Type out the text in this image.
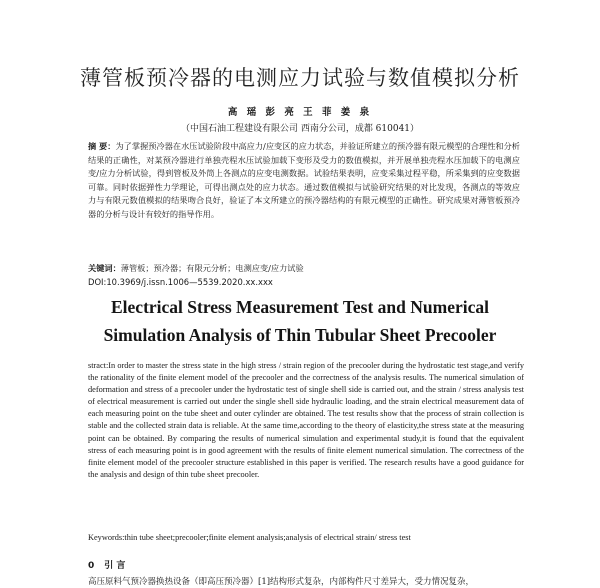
薄管板预冷器的电测应力试验与数值模拟分析
高 瑶 彭 亮 王 菲 姜 泉
（中国石油工程建设有限公司 西南分公司，成都 610041）
摘 要：为了掌握预冷器在水压试验阶段中高应力/应变区的应力状态，并验证所建立的预冷器有限元模型的合理性和分析结果的正确性，对某预冷器进行单独壳程水压试验加载下变形及受力的数值模拟，并开展单独壳程水压加载下的电测应变/应力分析试验，得到管板及外筒上各测点的应变电测数据。试验结果表明，应变采集过程平稳，所采集到的应变数据可靠。同时依据弹性力学理论，可得出测点处的应力状态。通过数值模拟与试验研究结果的对比发现，各测点的等效应力与有限元数值模拟的结果吻合良好，验证了本文所建立的预冷器结构的有限元模型的正确性。研究成果对薄管板预冷器的分析与设计有较好的指导作用。
关键词：薄管板；预冷器；有限元分析；电测应变/应力试验
DOI:10.3969/j.issn.1006—5539.2020.xx.xxx
Electrical Stress Measurement Test and Numerical
Simulation Analysis of Thin Tubular Sheet Precooler
stract:In order to master the stress state in the high stress / strain region of the precooler during the hydrostatic test stage,and verify the rationality of the finite element model of the precooler and the correctness of the analysis results. The numerical simulation of deformation and stress of a precooler under the hydrostatic test of single shell side is carried out, and the strain / stress analysis test of electrical measurement is carried out under the single shell side hydraulic loading, and the strain electrical measurement data of each measuring point on the tube sheet and outer cylinder are obtained. The test results show that the process of strain collection is stable and the collected strain data is reliable. At the same time,according to the theory of elasticity,the stress state at the measuring point can be obtained. By comparing the results of numerical simulation and experimental study,it is found that the equivalent stress of each measuring point is in good agreement with the results of finite element numerical simulation. The correctness of the finite element model of the precooler structure established in this paper is verified. The research results have a good guidance for the analysis and design of thin tube sheet precooler.
Keywords:thin tube sheet;precooler;finite element analysis;analysis of electrical strain/ stress test
0 引 言
高压原料气预冷器换热设备（即高压预冷器）[1]结构形式复杂，内部构件尺寸差异大，受力情况复杂，
